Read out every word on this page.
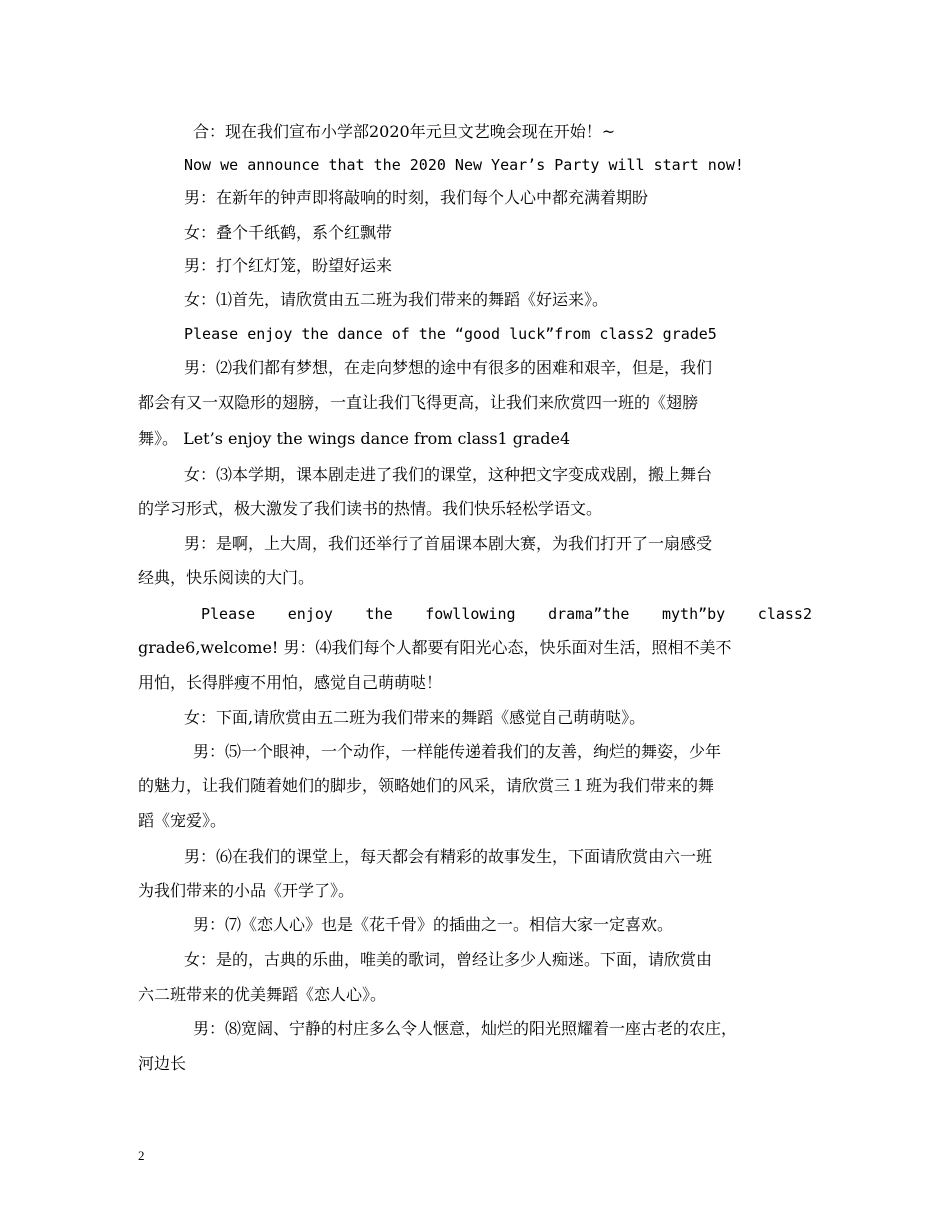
合：现在我们宣布小学部2020年元旦文艺晚会现在开始！~
Now we announce that the 2020 New Year’s Party will start now!
男：在新年的钟声即将敲响的时刻，我们每个人心中都充满着期盼
女：叠个千纸鹤，系个红飘带
男：打个红灯笼，盼望好运来
女：⑴首先，请欣赏由五二班为我们带来的舞蹈《好运来》。
Please enjoy the dance of the “good luck”from class2 grade5
男：⑵我们都有梦想，在走向梦想的途中有很多的困难和艰辛，但是，我们
都会有又一双隐形的翅膀，一直让我们飞得更高，让我们来欣赏四一班的《翅膀
舞》。 Let’s enjoy the wings dance from class1 grade4
女：⑶本学期，课本剧走进了我们的课堂，这种把文字变成戏剧，搬上舞台
的学习形式，极大激发了我们读书的热情。我们快乐轻松学语文。
男：是啊，上大周，我们还举行了首届课本剧大赛，为我们打开了一扇感受
经典，快乐阅读的大门。
Please enjoy the fowllowing drama”the myth”by class2
grade6,welcome! 男：⑷我们每个人都要有阳光心态，快乐面对生活，照相不美不
用怕，长得胖瘦不用怕，感觉自己萌萌哒！
女：下面,请欣赏由五二班为我们带来的舞蹈《感觉自己萌萌哒》。
男：⑸一个眼神，一个动作，一样能传递着我们的友善，绚烂的舞姿，少年
的魅力，让我们随着她们的脚步，领略她们的风采，请欣赏三１班为我们带来的舞
蹈《宠爱》。
男：⑹在我们的课堂上，每天都会有精彩的故事发生，下面请欣赏由六一班
为我们带来的小品《开学了》。
男：⑺《恋人心》也是《花千骨》的插曲之一。相信大家一定喜欢。
女：是的，古典的乐曲，唯美的歌词，曾经让多少人痴迷。下面，请欣赏由
六二班带来的优美舞蹈《恋人心》。
男：⑻宽阔、宁静的村庄多么令人惬意，灿烂的阳光照耀着一座古老的农庄，
河边长
2
